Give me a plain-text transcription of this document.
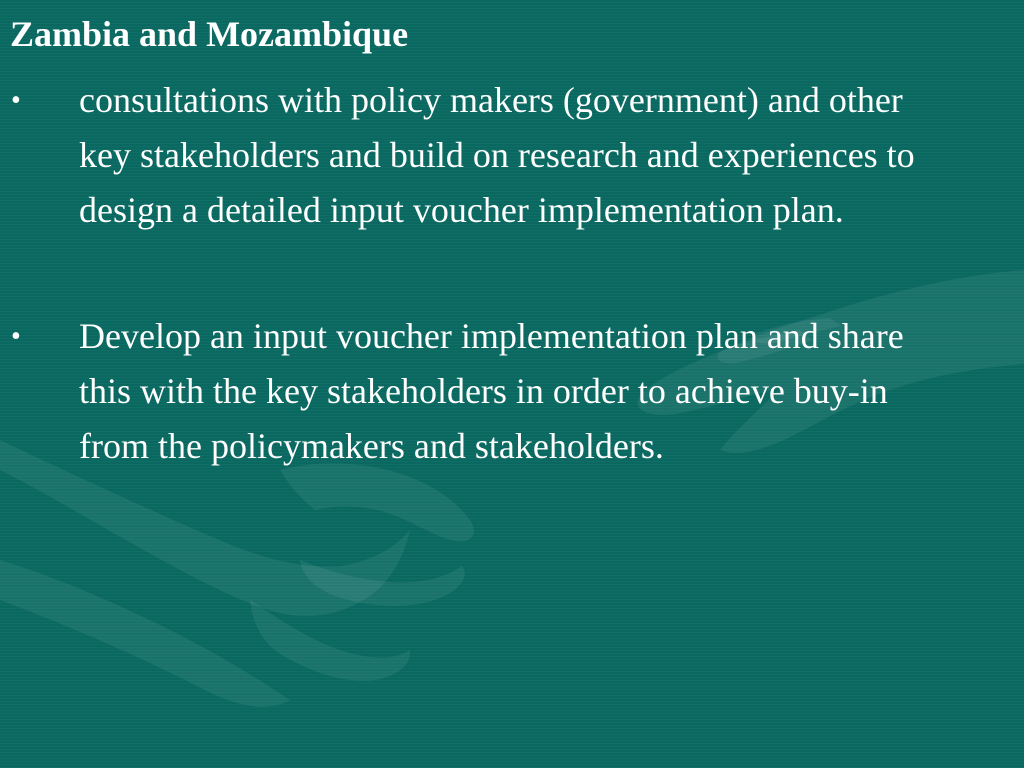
Zambia and Mozambique
• consultations with policy makers (government) and other key stakeholders and build on research and experiences to design a detailed input voucher implementation plan.
• Develop an input voucher implementation plan and share this with the key stakeholders in order to achieve buy-in from the policymakers and stakeholders.
